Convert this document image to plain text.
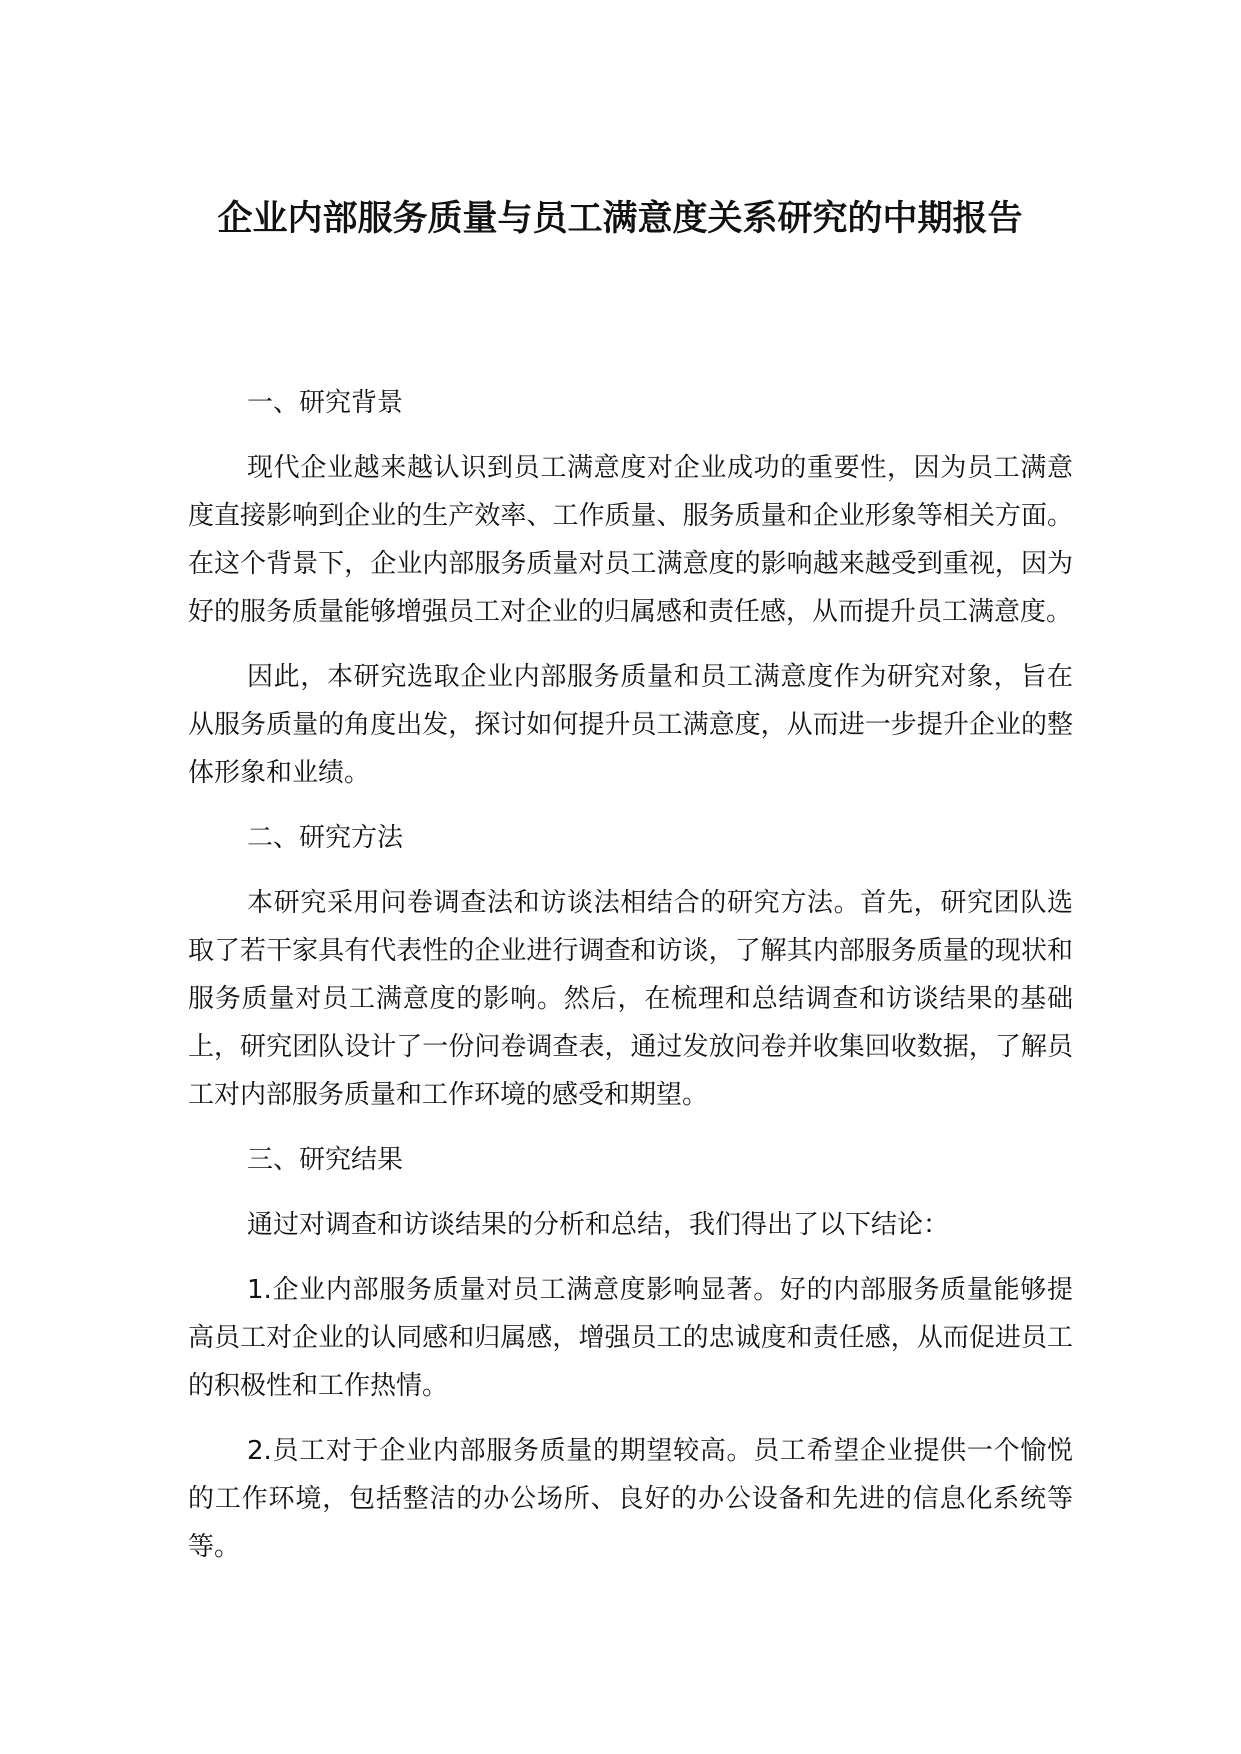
企业内部服务质量与员工满意度关系研究的中期报告
一、研究背景

现代企业越来越认识到员工满意度对企业成功的重要性，因为员工满意度直接影响到企业的生产效率、工作质量、服务质量和企业形象等相关方面。在这个背景下，企业内部服务质量对员工满意度的影响越来越受到重视，因为好的服务质量能够增强员工对企业的归属感和责任感，从而提升员工满意度。

因此，本研究选取企业内部服务质量和员工满意度作为研究对象，旨在从服务质量的角度出发，探讨如何提升员工满意度，从而进一步提升企业的整体形象和业绩。

二、研究方法

本研究采用问卷调查法和访谈法相结合的研究方法。首先，研究团队选取了若干家具有代表性的企业进行调查和访谈，了解其内部服务质量的现状和服务质量对员工满意度的影响。然后，在梳理和总结调查和访谈结果的基础上，研究团队设计了一份问卷调查表，通过发放问卷并收集回收数据，了解员工对内部服务质量和工作环境的感受和期望。

三、研究结果

通过对调查和访谈结果的分析和总结，我们得出了以下结论：

1.企业内部服务质量对员工满意度影响显著。好的内部服务质量能够提高员工对企业的认同感和归属感，增强员工的忠诚度和责任感，从而促进员工的积极性和工作热情。

2.员工对于企业内部服务质量的期望较高。员工希望企业提供一个愉悦的工作环境，包括整洁的办公场所、良好的办公设备和先进的信息化系统等等。
